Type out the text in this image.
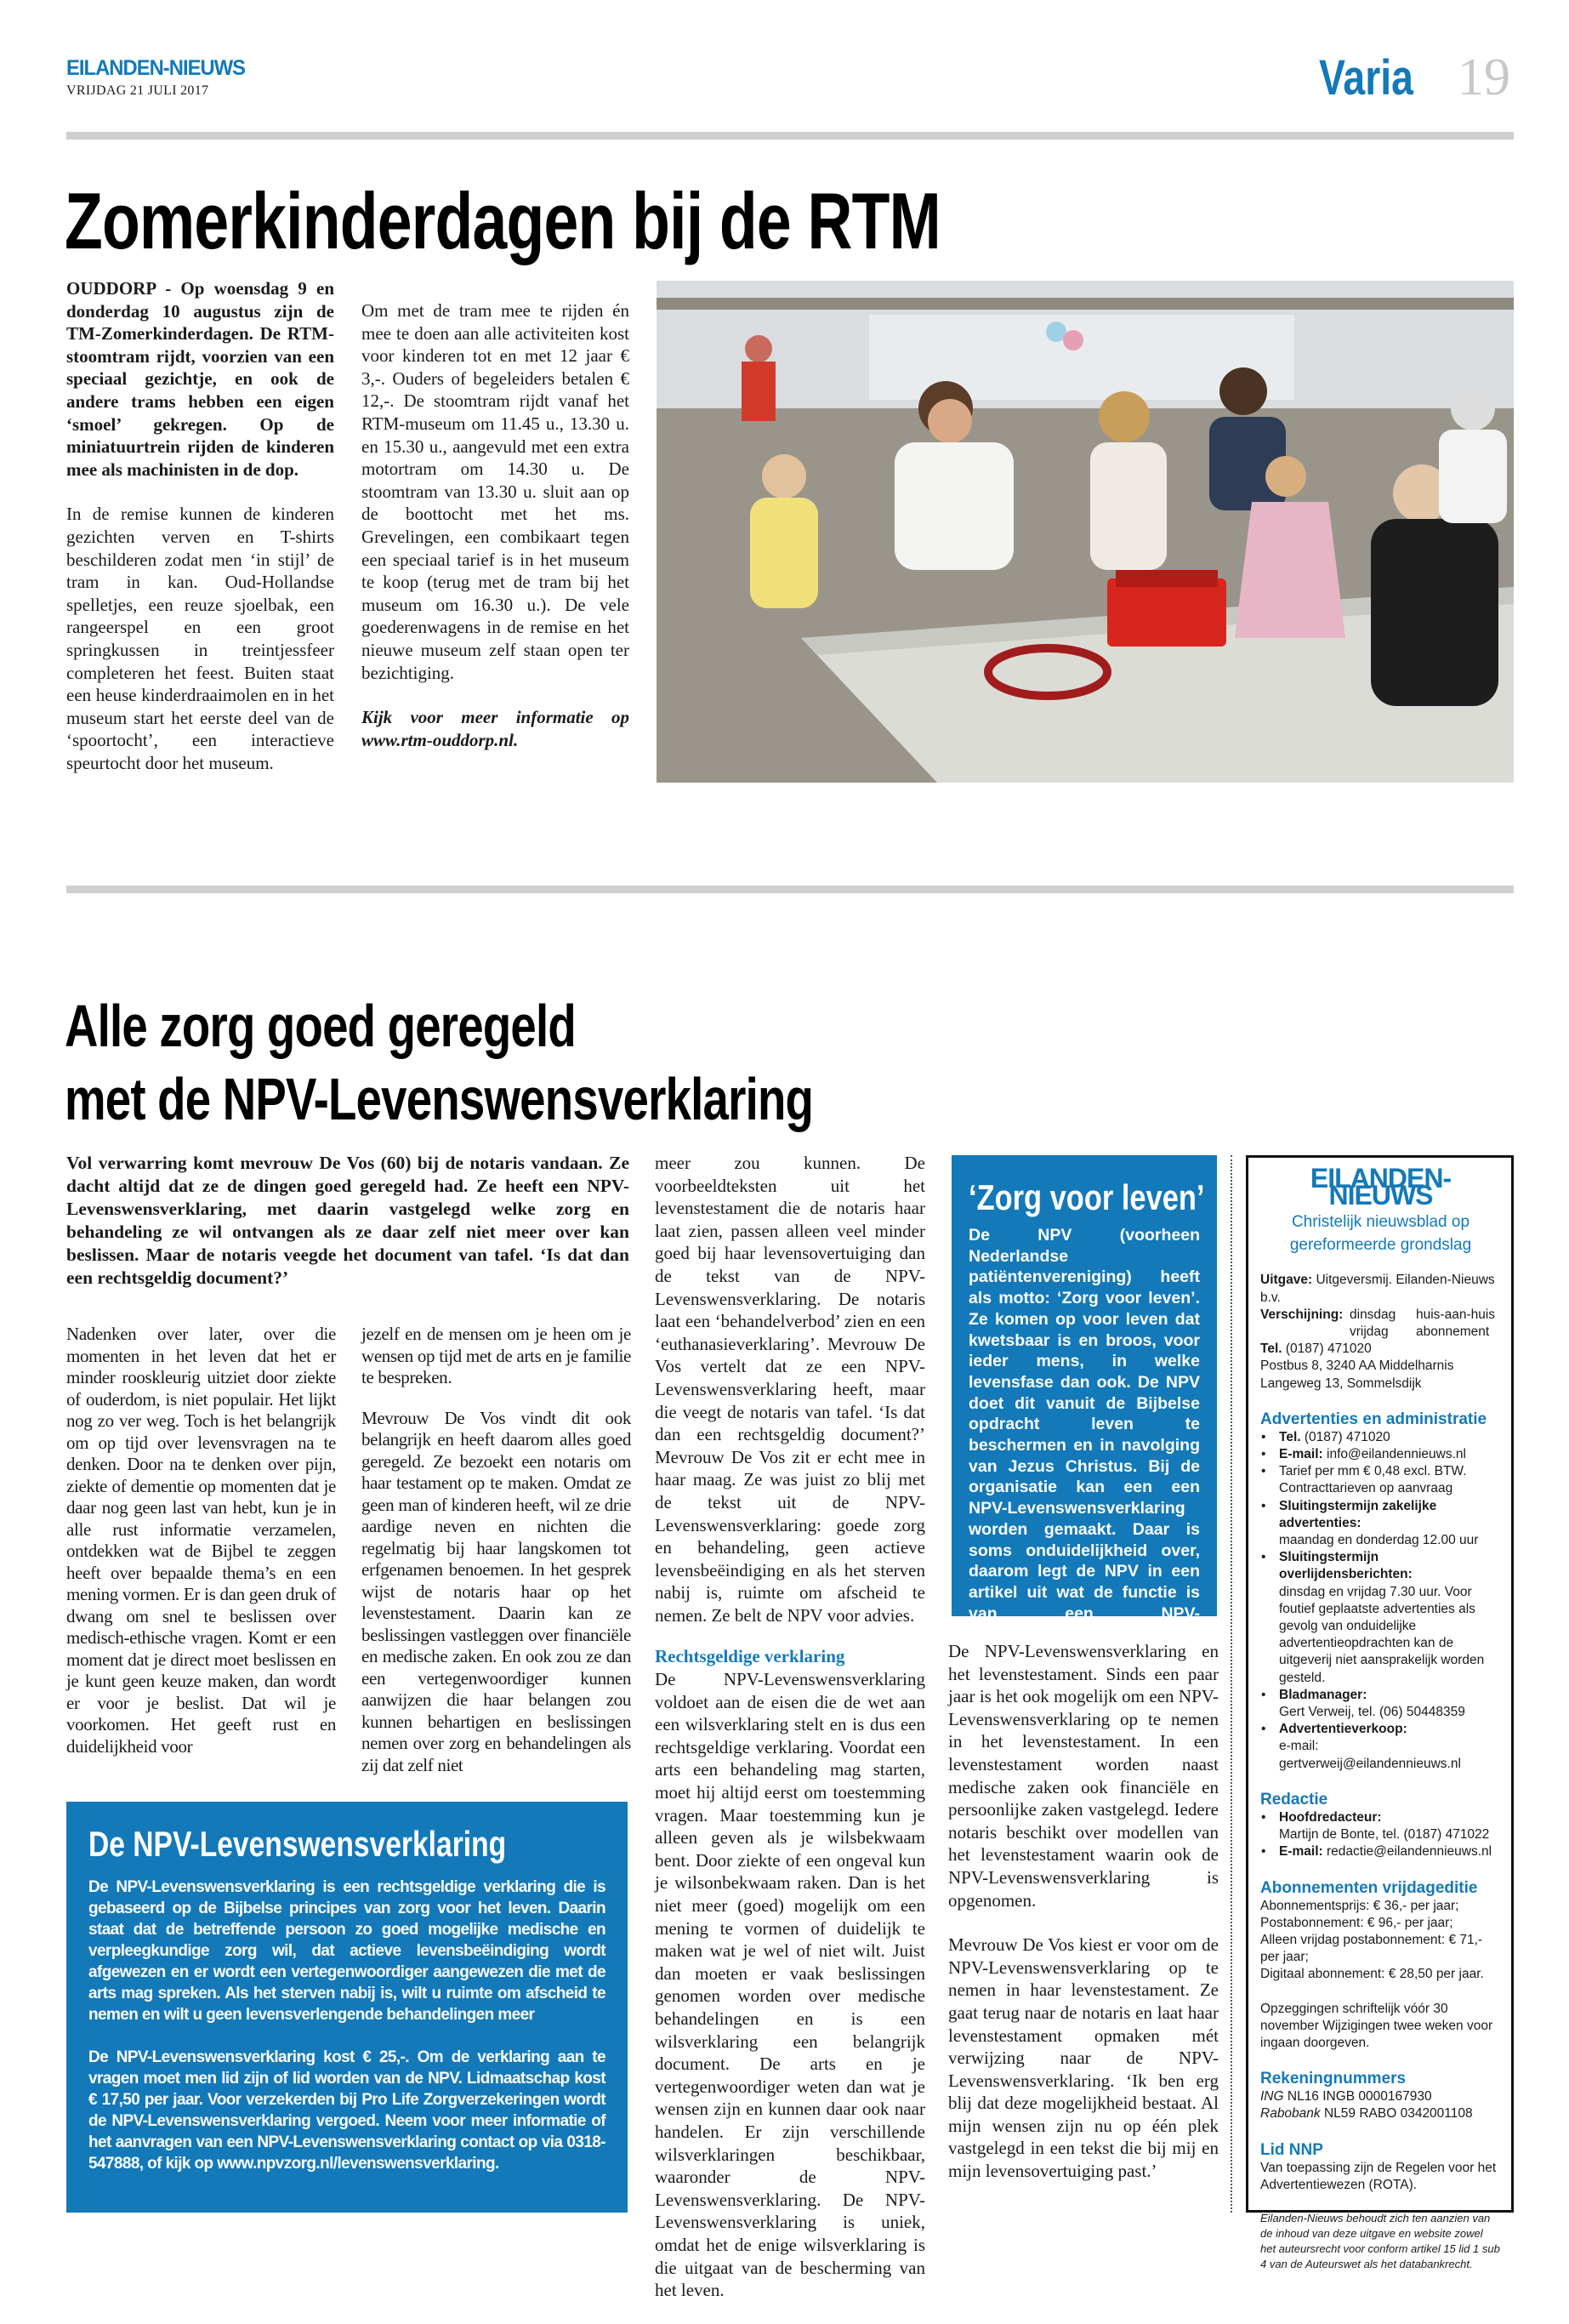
EILANDEN-NIEUWS
VRIJDAG 21 JULI 2017	Varia 19
Zomerkinderdagen bij de RTM

OUDDORP - Op woensdag 9 en donderdag 10 augustus zijn de TM-Zomerkinderdagen. De RTM-stoomtram rijdt, voorzien van een speciaal gezichtje, en ook de andere trams hebben een eigen ‘smoel’ gekregen. Op de miniatuurtrein rijden de kinderen mee als machinisten in de dop.

In de remise kunnen de kinderen gezichten verven en T-shirts beschilderen zodat men ‘in stijl’ de tram in kan. Oud-Hollandse spelletjes, een reuze sjoelbak, een rangeerspel en een groot springkussen in treintjessfeer completeren het feest. Buiten staat een heuse kinderdraaimolen en in het museum start het eerste deel van de ‘spoortocht’, een interactieve speurtocht door het museum.

Om met de tram mee te rijden én mee te doen aan alle activiteiten kost voor kinderen tot en met 12 jaar € 3,-. Ouders of begeleiders betalen € 12,-. De stoomtram rijdt vanaf het RTM-museum om 11.45 u., 13.30 u. en 15.30 u., aangevuld met een extra motortram om 14.30 u. De stoomtram van 13.30 u. sluit aan op de boottocht met het ms. Grevelingen, een combikaart tegen een speciaal tarief is in het museum te koop (terug met de tram bij het museum om 16.30 u.). De vele goederenwagens in de remise en het nieuwe museum zelf staan open ter bezichtiging.

Kijk voor meer informatie op www.rtm-ouddorp.nl.

Alle zorg goed geregeld
met de NPV-Levenswensverklaring
Vol verwarring komt mevrouw De Vos (60) bij de notaris vandaan. Ze dacht altijd dat ze de dingen goed geregeld had. Ze heeft een NPV-Levenswensverklaring, met daarin vastgelegd welke zorg en behandeling ze wil ontvangen als ze daar zelf niet meer over kan beslissen. Maar de notaris veegde het document van tafel. ‘Is dat dan een rechtsgeldig document?’

Nadenken over later, over die momenten in het leven dat het er minder rooskleurig uitziet door ziekte of ouderdom, is niet populair. Het lijkt nog zo ver weg. Toch is het belangrijk om op tijd over levensvragen na te denken. Door na te denken over pijn, ziekte of dementie op momenten dat je daar nog geen last van hebt, kun je in alle rust informatie verzamelen, ontdekken wat de Bijbel te zeggen heeft over bepaalde thema’s en een mening vormen. Er is dan geen druk of dwang om snel te beslissen over medisch-ethische vragen. Komt er een moment dat je direct moet beslissen en je kunt geen keuze maken, dan wordt er voor je beslist. Dat wil je voorkomen. Het geeft rust en duidelijkheid voor

jezelf en de mensen om je heen om je wensen op tijd met de arts en je familie te bespreken.

Mevrouw De Vos vindt dit ook belangrijk en heeft daarom alles goed geregeld. Ze bezoekt een notaris om haar testament op te maken. Omdat ze geen man of kinderen heeft, wil ze drie aardige neven en nichten die regelmatig bij haar langskomen tot erfgenamen benoemen. In het gesprek wijst de notaris haar op het levenstestament. Daarin kan ze beslissingen vastleggen over financiële en medische zaken. En ook zou ze dan een vertegenwoordiger kunnen aanwijzen die haar belangen zou kunnen behartigen en beslissingen nemen over zorg en behandelingen als zij dat zelf niet

meer zou kunnen. De voorbeeldteksten uit het levenstestament die de notaris haar laat zien, passen alleen veel minder goed bij haar levensovertuiging dan de tekst van de NPV-Levenswensverklaring. De notaris laat een ‘behandelverbod’ zien en een ‘euthanasieverklaring’. Mevrouw De Vos vertelt dat ze een NPV-Levenswensverklaring heeft, maar die veegt de notaris van tafel. ‘Is dat dan een rechtsgeldig document?’ Mevrouw De Vos zit er echt mee in haar maag. Ze was juist zo blij met de tekst uit de NPV-Levenswensverklaring: goede zorg en behandeling, geen actieve levensbeëindiging en als het sterven nabij is, ruimte om afscheid te nemen. Ze belt de NPV voor advies.

Rechtsgeldige verklaring

De NPV-Levenswensverklaring voldoet aan de eisen die de wet aan een wilsverklaring stelt en is dus een rechtsgeldige verklaring. Voordat een arts een behandeling mag starten, moet hij altijd eerst om toestemming vragen. Maar toestemming kun je alleen geven als je wilsbekwaam bent. Door ziekte of een ongeval kun je wilsonbekwaam raken. Dan is het niet meer (goed) mogelijk om een mening te vormen of duidelijk te maken wat je wel of niet wilt. Juist dan moeten er vaak beslissingen genomen worden over medische behandelingen en is een wilsverklaring een belangrijk document. De arts en je vertegenwoordiger weten dan wat je wensen zijn en kunnen daar ook naar handelen. Er zijn verschillende wilsverklaringen beschikbaar, waaronder de NPV-Levenswensverklaring. De NPV-Levenswensverklaring is uniek, omdat het de enige wilsverklaring is die uitgaat van de bescherming van het leven.

‘Zorg voor leven’
De NPV (voorheen Nederlandse patiëntenvereniging) heeft als motto: ‘Zorg voor leven’. Ze komen op voor leven dat kwetsbaar is en broos, voor ieder mens, in welke levensfase dan ook. De NPV doet dit vanuit de Bijbelse opdracht leven te beschermen en in navolging van Jezus Christus. Bij de organisatie kan een een NPV-Levenswensverklaring worden gemaakt. Daar is soms onduidelijkheid over, daarom legt de NPV in een artikel uit wat de functie is van een NPV-Levenswensverklaring.

De NPV-Levenswensverklaring en het levenstestament. Sinds een paar jaar is het ook mogelijk om een NPV-Levenswensverklaring op te nemen in het levenstestament. In een levenstestament worden naast medische zaken ook financiële en persoonlijke zaken vastgelegd. Iedere notaris beschikt over modellen van het levenstestament waarin ook de NPV-Levenswensverklaring is opgenomen.

Mevrouw De Vos kiest er voor om de NPV-Levenswensverklaring op te nemen in haar levenstestament. Ze gaat terug naar de notaris en laat haar levenstestament opmaken mét verwijzing naar de NPV-Levenswensverklaring. ‘Ik ben erg blij dat deze mogelijkheid bestaat. Al mijn wensen zijn nu op één plek vastgelegd in een tekst die bij mij en mijn levensovertuiging past.’

De NPV-Levenswensverklaring
De NPV-Levenswensverklaring is een rechtsgeldige verklaring die is gebaseerd op de Bijbelse principes van zorg voor het leven. Daarin staat dat de betreffende persoon zo goed mogelijke medische en verpleegkundige zorg wil, dat actieve levensbeëindiging wordt afgewezen en er wordt een vertegenwoordiger aangewezen die met de arts mag spreken. Als het sterven nabij is, wilt u ruimte om afscheid te nemen en wilt u geen levensverlengende behandelingen meer
De NPV-Levenswensverklaring kost € 25,-. Om de verklaring aan te vragen moet men lid zijn of lid worden van de NPV. Lidmaatschap kost € 17,50 per jaar. Voor verzekerden bij Pro Life Zorgverzekeringen wordt de NPV-Levenswensverklaring vergoed. Neem voor meer informatie of het aanvragen van een NPV-Levenswensverklaring contact op via 0318-547888, of kijk op www.npvzorg.nl/levenswensverklaring.
EILANDEN-NIEUWS
Christelijk nieuwsblad op gereformeerde grondslag
Uitgave: Uitgeversmij. Eilanden-Nieuws b.v.
Verschijning: dinsdag	huis-aan-huis
vrijdag	abonnement
Tel. (0187) 471020
Postbus 8, 3240 AA Middelharnis
Langeweg 13, Sommelsdijk
Advertenties en administratie
• Tel. (0187) 471020
• E-mail: info@eilandennieuws.nl
• Tarief per mm € 0,48 excl. BTW. Contracttarieven op aanvraag
• Sluitingstermijn zakelijke advertenties:
maandag en donderdag 12.00 uur
• Sluitingstermijn overlijdensberichten:
dinsdag en vrijdag 7.30 uur. Voor foutief geplaatste advertenties als gevolg van onduidelijke advertentieopdrachten kan de uitgeverij niet aansprakelijk worden gesteld.
• Bladmanager:
Gert Verweij, tel. (06) 50448359
• Advertentieverkoop:
e-mail: gertverweij@eilandennieuws.nl
Redactie
• Hoofdredacteur:
Martijn de Bonte, tel. (0187) 471022
• E-mail: redactie@eilandennieuws.nl
Abonnementen vrijdageditie
Abonnementsprijs: € 36,- per jaar;
Postabonnement: € 96,- per jaar;
Alleen vrijdag postabonnement: € 71,- per jaar;
Digitaal abonnement: € 28,50 per jaar.
Opzeggingen schriftelijk vóór 30 november Wijzigingen twee weken voor ingaan doorgeven.
Rekeningnummers
ING NL16 INGB 0000167930
Rabobank NL59 RABO 0342001108
Lid NNP
Van toepassing zijn de Regelen voor het Advertentiewezen (ROTA).
Eilanden-Nieuws behoudt zich ten aanzien van de inhoud van deze uitgave en website zowel het auteursrecht voor conform artikel 15 lid 1 sub 4 van de Auteurswet als het databankrecht.
